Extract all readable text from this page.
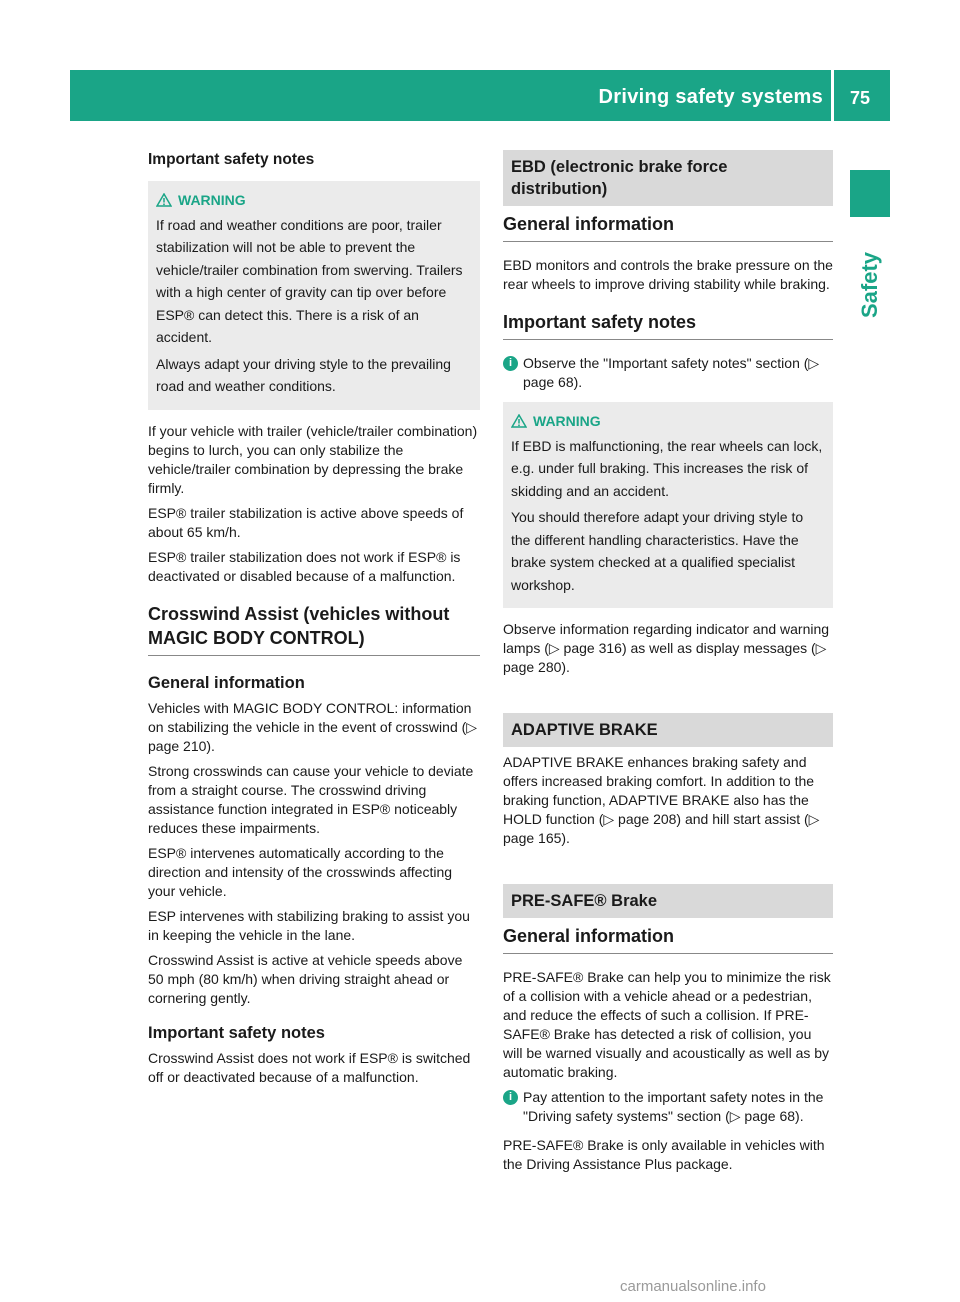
Driving safety systems 75
Safety
Important safety notes
WARNING

If road and weather conditions are poor, trailer stabilization will not be able to prevent the vehicle/trailer combination from swerving. Trailers with a high center of gravity can tip over before ESP® can detect this. There is a risk of an accident.

Always adapt your driving style to the prevailing road and weather conditions.

If your vehicle with trailer (vehicle/trailer combination) begins to lurch, you can only stabilize the vehicle/trailer combination by depressing the brake firmly.

ESP® trailer stabilization is active above speeds of about 65 km/h.

ESP® trailer stabilization does not work if ESP® is deactivated or disabled because of a malfunction.

Crosswind Assist (vehicles without MAGIC BODY CONTROL)
General information

Vehicles with MAGIC BODY CONTROL: information on stabilizing the vehicle in the event of crosswind (▷ page 210).

Strong crosswinds can cause your vehicle to deviate from a straight course. The crosswind driving assistance function integrated in ESP® noticeably reduces these impairments.

ESP® intervenes automatically according to the direction and intensity of the crosswinds affecting your vehicle.

ESP intervenes with stabilizing braking to assist you in keeping the vehicle in the lane.

Crosswind Assist is active at vehicle speeds above 50 mph (80 km/h) when driving straight ahead or cornering gently.

Important safety notes

Crosswind Assist does not work if ESP® is switched off or deactivated because of a malfunction.

EBD (electronic brake force distribution)
General information

EBD monitors and controls the brake pressure on the rear wheels to improve driving stability while braking.

Important safety notes
i Observe the "Important safety notes" section (▷ page 68).
WARNING

If EBD is malfunctioning, the rear wheels can lock, e.g. under full braking. This increases the risk of skidding and an accident.

You should therefore adapt your driving style to the different handling characteristics. Have the brake system checked at a qualified specialist workshop.

Observe information regarding indicator and warning lamps (▷ page 316) as well as display messages (▷ page 280).

ADAPTIVE BRAKE

ADAPTIVE BRAKE enhances braking safety and offers increased braking comfort. In addition to the braking function, ADAPTIVE BRAKE also has the HOLD function (▷ page 208) and hill start assist (▷ page 165).

PRE-SAFE® Brake
General information

PRE-SAFE® Brake can help you to minimize the risk of a collision with a vehicle ahead or a pedestrian, and reduce the effects of such a collision. If PRE-SAFE® Brake has detected a risk of collision, you will be warned visually and acoustically as well as by automatic braking.

i Pay attention to the important safety notes in the "Driving safety systems" section (▷ page 68).

PRE-SAFE® Brake is only available in vehicles with the Driving Assistance Plus package.

carmanualsonline.info
